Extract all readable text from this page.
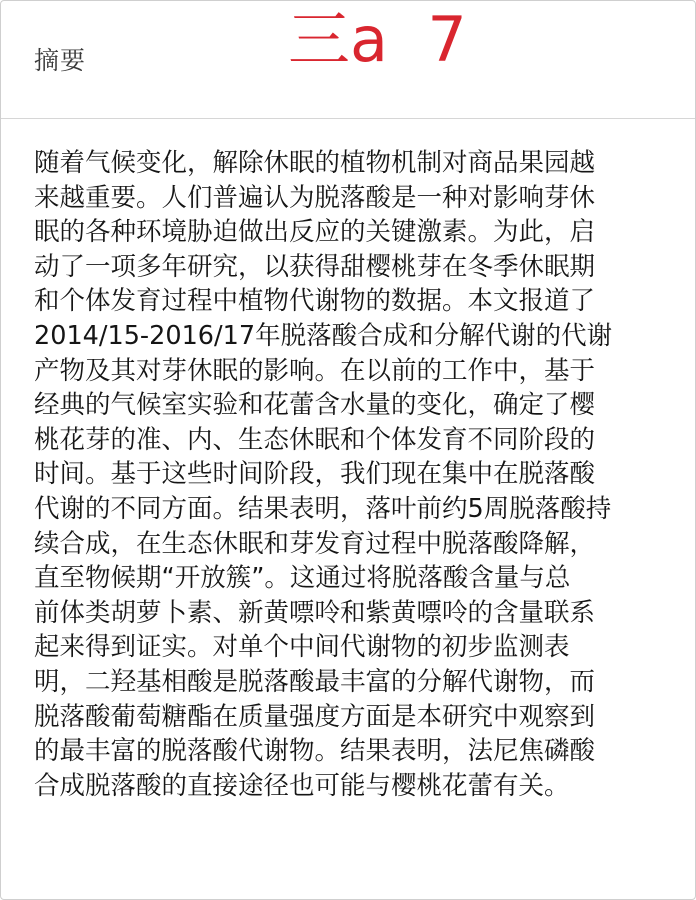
摘要	三a  7

随着气候变化，解除休眠的植物机制对商品果园越
来越重要。人们普遍认为脱落酸是一种对影响芽休
眠的各种环境胁迫做出反应的关键激素。为此，启
动了一项多年研究，以获得甜樱桃芽在冬季休眠期
和个体发育过程中植物代谢物的数据。本文报道了
2014/15-2016/17年脱落酸合成和分解代谢的代谢
产物及其对芽休眠的影响。在以前的工作中，基于
经典的气候室实验和花蕾含水量的变化，确定了樱
桃花芽的准、内、生态休眠和个体发育不同阶段的
时间。基于这些时间阶段，我们现在集中在脱落酸
代谢的不同方面。结果表明，落叶前约5周脱落酸持
续合成，在生态休眠和芽发育过程中脱落酸降解，
直至物候期“开放簇”。这通过将脱落酸含量与总
前体类胡萝卜素、新黄嘌呤和紫黄嘌呤的含量联系
起来得到证实。对单个中间代谢物的初步监测表
明，二羟基相酸是脱落酸最丰富的分解代谢物，而
脱落酸葡萄糖酯在质量强度方面是本研究中观察到
的最丰富的脱落酸代谢物。结果表明，法尼焦磷酸
合成脱落酸的直接途径也可能与樱桃花蕾有关。
